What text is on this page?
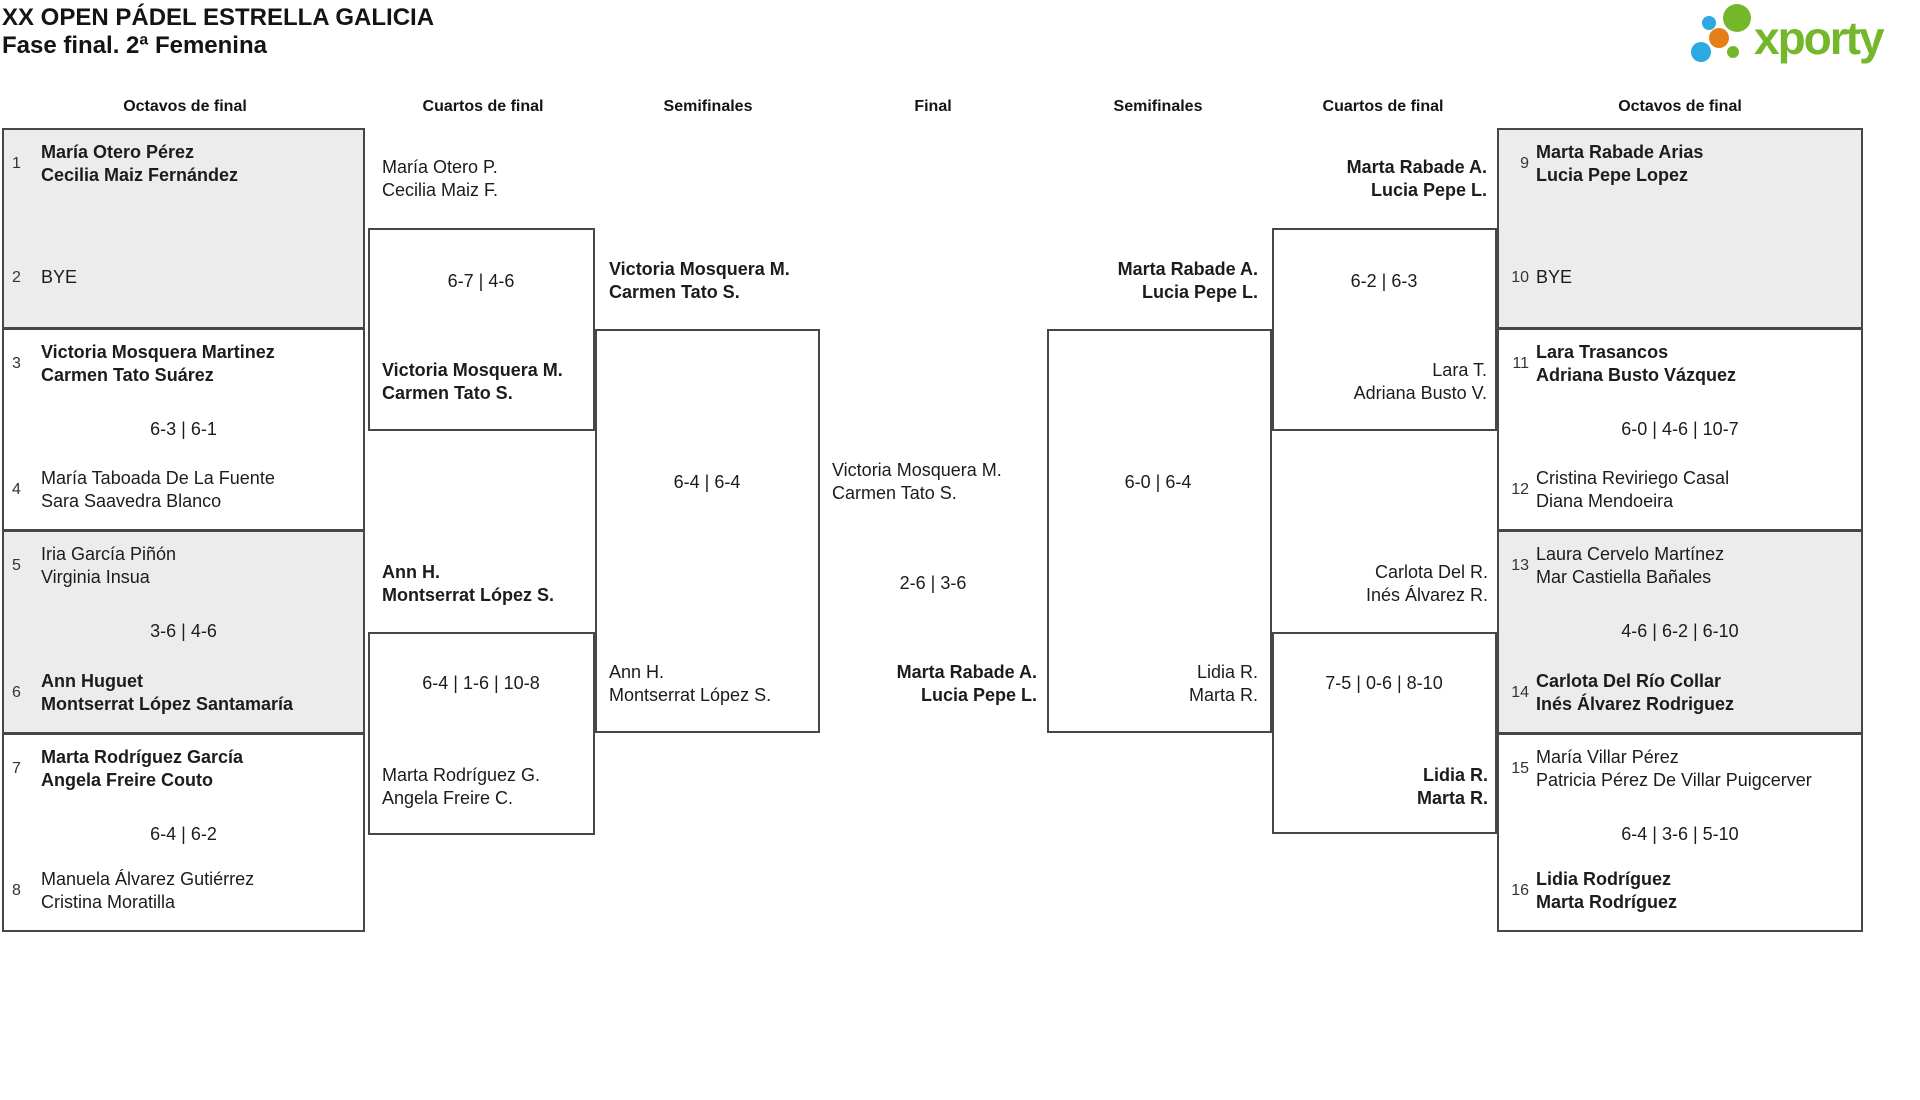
XX OPEN PÁDEL ESTRELLA GALICIA
Fase final. 2ª Femenina	xporty
Octavos de final	Cuartos de final	Semifinales	Final	Semifinales	Cuartos de final	Octavos de final
1
María Otero Pérez
Cecilia Maiz Fernández
2	BYE
3
Victoria Mosquera Martinez
Carmen Tato Suárez
6-3 | 6-1
4
María Taboada De La Fuente
Sara Saavedra Blanco
5
Iria García Piñón
Virginia Insua
3-6 | 4-6
6
Ann Huguet
Montserrat López Santamaría
7
Marta Rodríguez García
Angela Freire Couto
6-4 | 6-2
8
Manuela Álvarez Gutiérrez
Cristina Moratilla
9
Marta Rabade Arias
Lucia Pepe Lopez
10 BYE
11
Lara Trasancos
Adriana Busto Vázquez
6-0 | 4-6 | 10-7
12
Cristina Reviriego Casal
Diana Mendoeira
13
Laura Cervelo Martínez
Mar Castiella Bañales
4-6 | 6-2 | 6-10
14
Carlota Del Río Collar
Inés Álvarez Rodriguez
15
María Villar Pérez
Patricia Pérez De Villar Puigcerver
6-4 | 3-6 | 5-10
16
Lidia Rodríguez
Marta Rodríguez
María Otero P.
Cecilia Maiz F.
6-7 | 4-6
Victoria Mosquera M.
Carmen Tato S.
Ann H.
Montserrat López S.
6-4 | 1-6 | 10-8
Marta Rodríguez G.
Angela Freire C.
Victoria Mosquera M.
Carmen Tato S.
6-4 | 6-4
Ann H.
Montserrat López S.
Victoria Mosquera M.
Carmen Tato S.
2-6 | 3-6
Marta Rabade A.
Lucia Pepe L.
Marta Rabade A.
Lucia Pepe L.
6-0 | 6-4
Lidia R.
Marta R.
Marta Rabade A.
Lucia Pepe L.
6-2 | 6-3
Lara T.
Adriana Busto V.
Carlota Del R.
Inés Álvarez R.
7-5 | 0-6 | 8-10
Lidia R.
Marta R.
